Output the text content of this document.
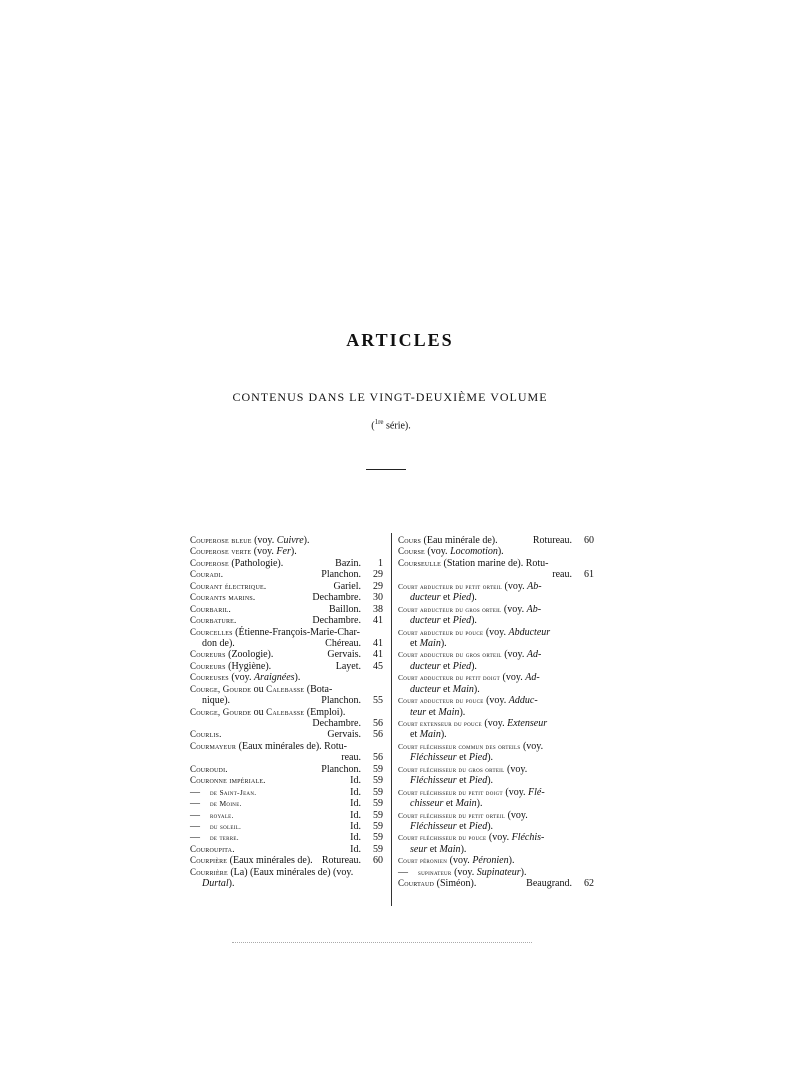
ARTICLES
CONTENUS DANS LE VINGT-DEUXIÈME VOLUME
($^{1re}$ série).
Couperose bleue (voy. Cuivre).
Couperose verte (voy. Fer).
Couperose (Pathologie).	Bazin.	1
Couradi.	Planchon.	29
Courant électrique.	Gariel.	29
Courants marins.	Dechambre.	30
Courbaril.	Baillon.	38
Courbature.	Dechambre.	41
Courcelles (Étienne-François-Marie-Char-
don de).	Chéreau.	41
Coureurs (Zoologie).	Gervais.	41
Coureurs (Hygiène).	Layet.	45
Coureuses (voy. Araignées).
Courge, Gourde ou Calebasse (Bota-
nique).	Planchon.	55
Courge, Gourde ou Calebasse (Emploi).
Dechambre.	56
Courlis.	Gervais.	56
Courmayeur (Eaux minérales de). Rotu-
reau.	56
Couroudi.	Planchon.	59
Couronne impériale.	Id.	59
—    de Saint-Jean.	Id.	59
—    de Moine.	Id.	59
—    royale.	Id.	59
—    du soleil.	Id.	59
—    de terre.	Id.	59
Couroupita.	Id.	59
Courpière (Eaux minérales de). Rotureau.	60
Courrière (La) (Eaux minérales de) (voy.
Durtal).
Cours (Eau minérale de).	Rotureau.	60
Course (voy. Locomotion).
Courseulle (Station marine de). Rotu-
reau.	61
Court abducteur du petit orteil (voy. Ab-
ducteur et Pied).
Court abducteur du gros orteil (voy. Ab-
ducteur et Pied).
Court abducteur du pouce (voy. Abducteur
et Main).
Court adducteur du gros orteil (voy. Ad-
ducteur et Pied).
Court adducteur du petit doigt (voy. Ad-
ducteur et Main).
Court adducteur du pouce (voy. Adduc-
teur et Main).
Court extenseur du pouce (voy. Extenseur
et Main).
Court fléchisseur commun des orteils (voy.
Fléchisseur et Pied).
Court fléchisseur du gros orteil (voy.
Fléchisseur et Pied).
Court fléchisseur du petit doigt (voy. Flé-
chisseur et Main).
Court fléchisseur du petit orteil (voy.
Fléchisseur et Pied).
Court fléchisseur du pouce (voy. Fléchis-
seur et Main).
Court péronien (voy. Péronien).
—    supinateur (voy. Supinateur).
Courtaud (Siméon).	Beaugrand.	62
